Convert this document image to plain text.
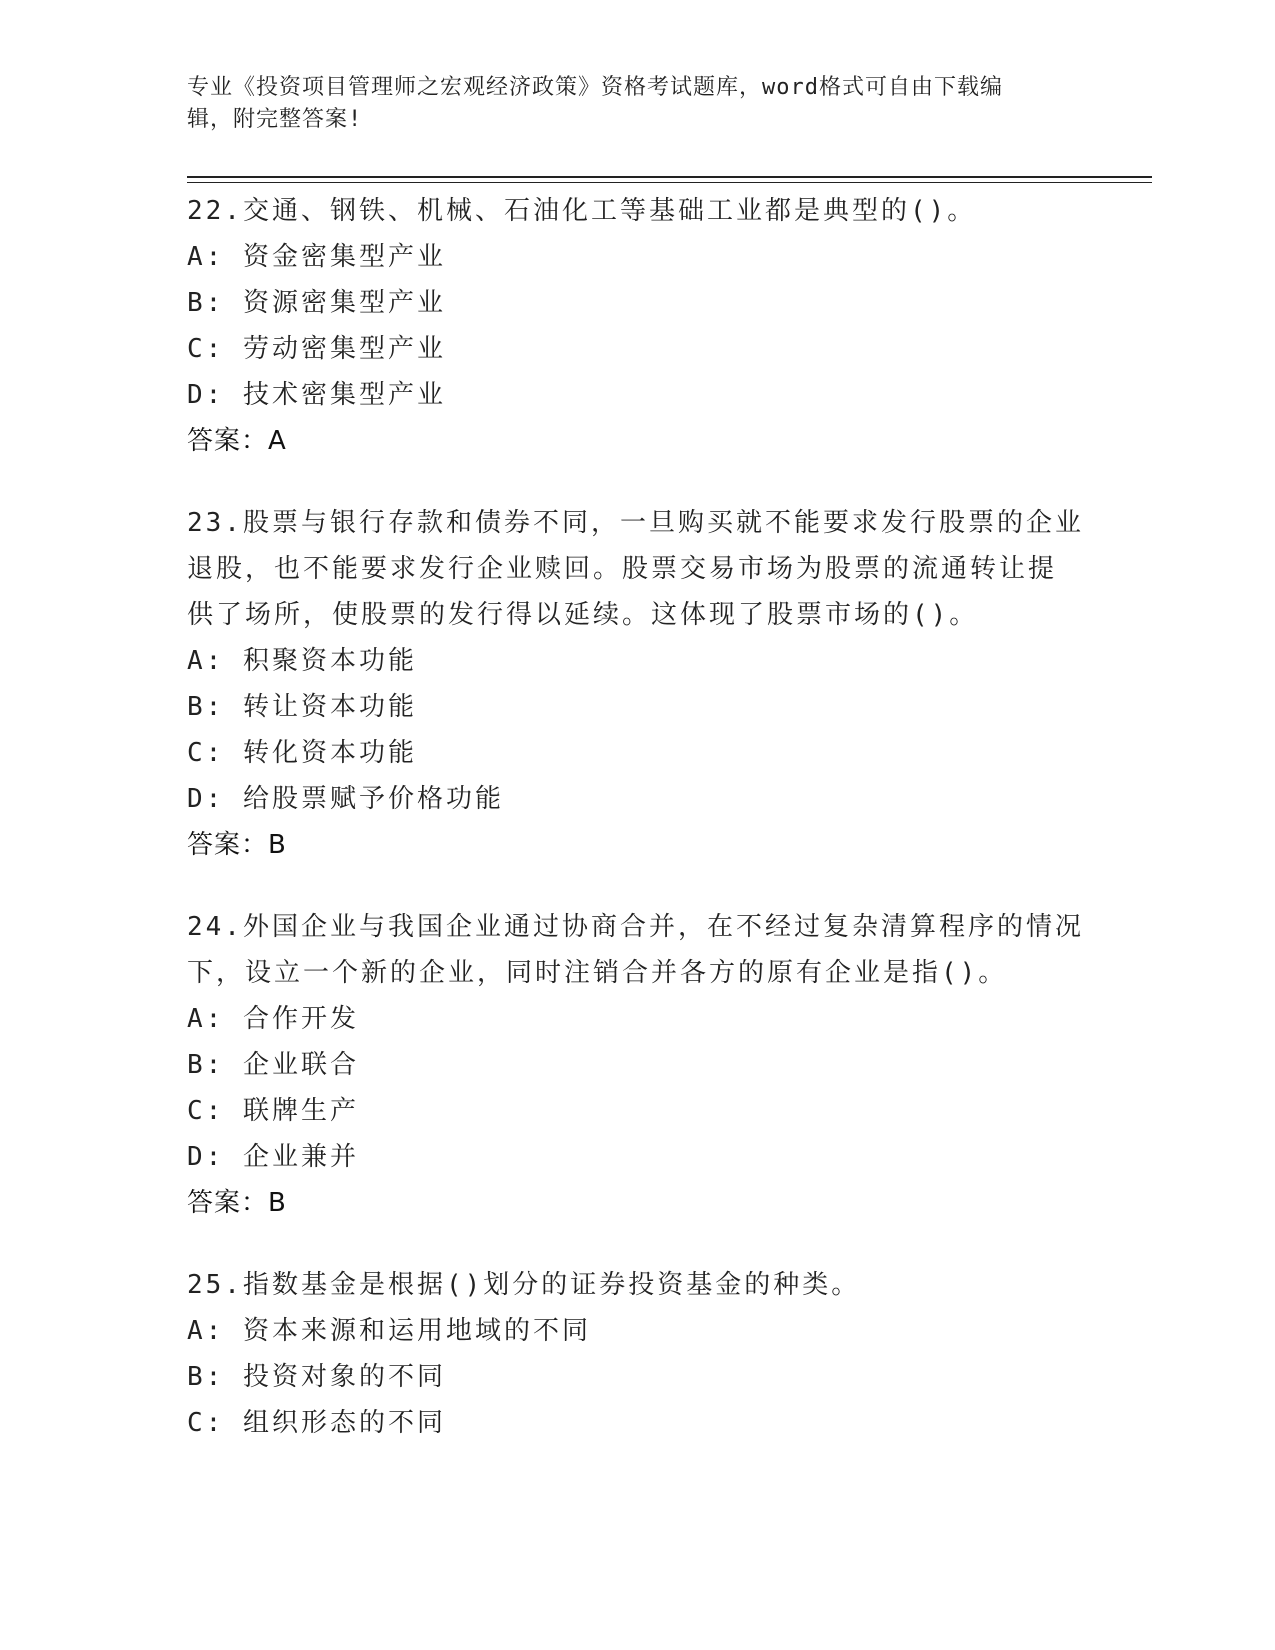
专业《投资项目管理师之宏观经济政策》资格考试题库，word格式可自由下载编
辑，附完整答案!
22.交通、钢铁、机械、石油化工等基础工业都是典型的()。
A: 资金密集型产业
B: 资源密集型产业
C: 劳动密集型产业
D: 技术密集型产业
答案：A
23.股票与银行存款和债券不同，一旦购买就不能要求发行股票的企业
退股，也不能要求发行企业赎回。股票交易市场为股票的流通转让提
供了场所，使股票的发行得以延续。这体现了股票市场的()。
A: 积聚资本功能
B: 转让资本功能
C: 转化资本功能
D: 给股票赋予价格功能
答案：B
24.外国企业与我国企业通过协商合并，在不经过复杂清算程序的情况
下，设立一个新的企业，同时注销合并各方的原有企业是指()。
A: 合作开发
B: 企业联合
C: 联牌生产
D: 企业兼并
答案：B
25.指数基金是根据()划分的证券投资基金的种类。
A: 资本来源和运用地域的不同
B: 投资对象的不同
C: 组织形态的不同
